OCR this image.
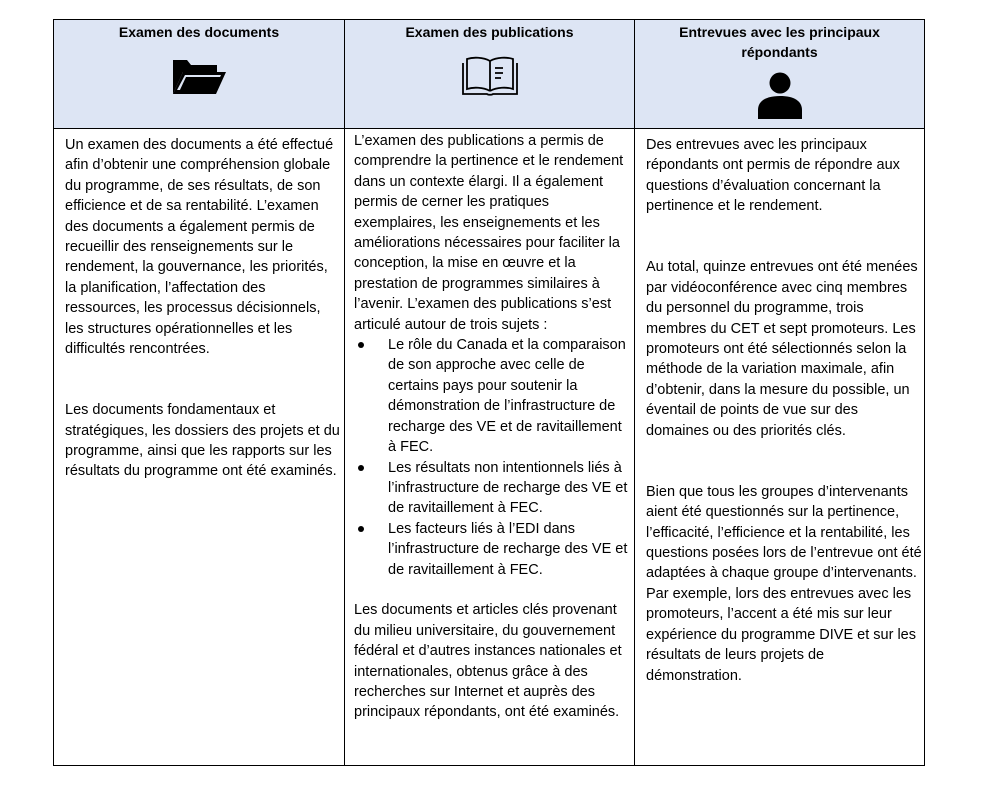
Examen des documents	Examen des publications	Entrevues avec les principaux
répondants

Un examen des documents a été effectué afin d’obtenir une compréhension globale du programme, de ses résultats, de son efficience et de sa rentabilité. L’examen des documents a également permis de recueillir des renseignements sur le rendement, la gouvernance, les priorités, la planification, l’affectation des ressources, les processus décisionnels, les structures opérationnelles et les difficultés rencontrées.

Les documents fondamentaux et stratégiques, les dossiers des projets et du programme, ainsi que les rapports sur les résultats du programme ont été examinés.

L’examen des publications a permis de comprendre la pertinence et le rendement dans un contexte élargi. Il a également permis de cerner les pratiques exemplaires, les enseignements et les améliorations nécessaires pour faciliter la conception, la mise en œuvre et la prestation de programmes similaires à l’avenir. L’examen des publications s’est articulé autour de trois sujets :

Le rôle du Canada et la comparaison de son approche avec celle de certains pays pour soutenir la démonstration de l’infrastructure de recharge des VE et de ravitaillement à FEC.
Les résultats non intentionnels liés à l’infrastructure de recharge des VE et de ravitaillement à FEC.
Les facteurs liés à l’EDI dans l’infrastructure de recharge des VE et de ravitaillement à FEC.

Les documents et articles clés provenant du milieu universitaire, du gouvernement fédéral et d’autres instances nationales et internationales, obtenus grâce à des recherches sur Internet et auprès des principaux répondants, ont été examinés.

Des entrevues avec les principaux répondants ont permis de répondre aux questions d’évaluation concernant la pertinence et le rendement.

Au total, quinze entrevues ont été menées par vidéoconférence avec cinq membres du personnel du programme, trois membres du CET et sept promoteurs. Les promoteurs ont été sélectionnés selon la méthode de la variation maximale, afin d’obtenir, dans la mesure du possible, un éventail de points de vue sur des domaines ou des priorités clés.

Bien que tous les groupes d’intervenants aient été questionnés sur la pertinence, l’efficacité, l’efficience et la rentabilité, les questions posées lors de l’entrevue ont été adaptées à chaque groupe d’intervenants. Par exemple, lors des entrevues avec les promoteurs, l’accent a été mis sur leur expérience du programme DIVE et sur les résultats de leurs projets de démonstration.
